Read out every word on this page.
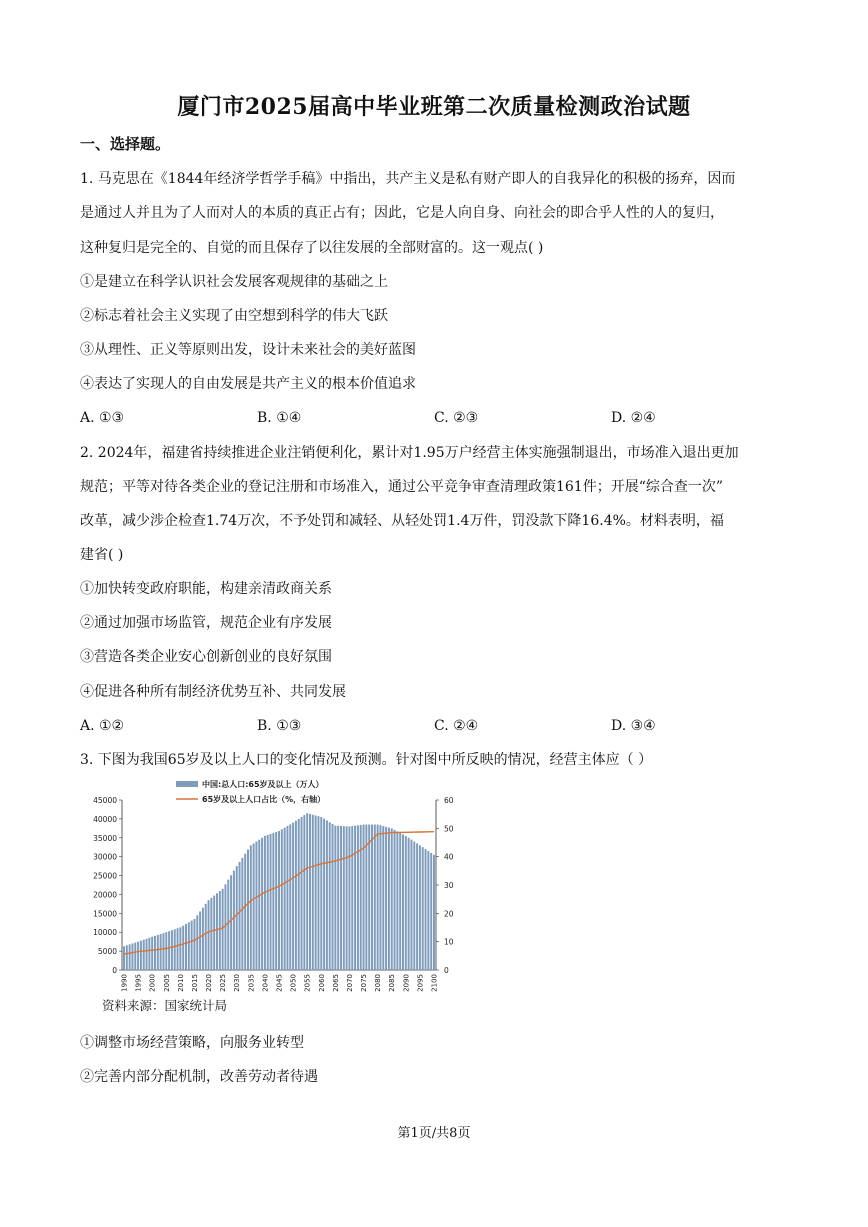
厦门市2025届高中毕业班第二次质量检测政治试题
一、选择题。
1. 马克思在《1844年经济学哲学手稿》中指出，共产主义是私有财产即人的自我异化的积极的扬弃，因而
是通过人并且为了人而对人的本质的真正占有；因此，它是人向自身、向社会的即合乎人性的人的复归，
这种复归是完全的、自觉的而且保存了以往发展的全部财富的。这一观点( )
①是建立在科学认识社会发展客观规律的基础之上
②标志着社会主义实现了由空想到科学的伟大飞跃
③从理性、正义等原则出发，设计未来社会的美好蓝图
④表达了实现人的自由发展是共产主义的根本价值追求
A. ①③	B. ①④	C. ②③	D. ②④
2. 2024年，福建省持续推进企业注销便利化，累计对1.95万户经营主体实施强制退出，市场准入退出更加
规范；平等对待各类企业的登记注册和市场准入，通过公平竞争审查清理政策161件；开展“综合查一次”
改革，减少涉企检查1.74万次，不予处罚和减轻、从轻处罚1.4万件，罚没款下降16.4%。材料表明，福
建省( )
①加快转变政府职能，构建亲清政商关系
②通过加强市场监管，规范企业有序发展
③营造各类企业安心创新创业的良好氛围
④促进各种所有制经济优势互补、共同发展
A. ①②	B. ①③	C. ②④	D. ③④
3. 下图为我国65岁及以上人口的变化情况及预测。针对图中所反映的情况，经营主体应（ ）
中国:总人口:65岁及以上（万人）
65岁及以上人口占比（%，右轴）
0
5000
10000
15000
20000
25000
30000
35000
40000
45000
0
10
20
30
40
50
60
1990 1995 2000 2005 2010 2015 2020 2025 2030 2035 2040 2045 2050 2055 2060 2065 2070 2075 2080 2085 2090 2095 2100
资料来源：国家统计局
①调整市场经营策略，向服务业转型
②完善内部分配机制，改善劳动者待遇
第1页/共8页
